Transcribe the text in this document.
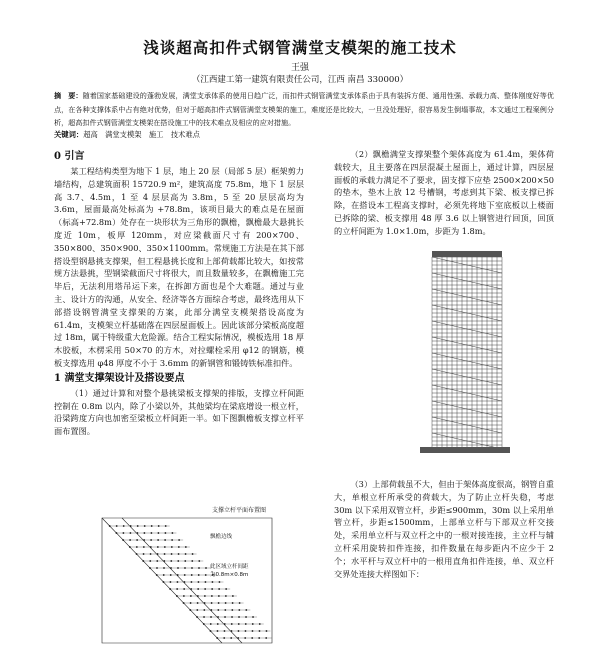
浅谈超高扣件式钢管满堂支模架的施工技术
王强
（江西建工第一建筑有限责任公司，江西 南昌 330000）
摘　要：随着国家基础建设的蓬勃发展，满堂支承体系的使用日趋广泛，而扣件式钢管满堂支承体系由于具有装拆方便、通用性强、承载力高、整体刚度好等优点，在各种支撑体系中占有绝对优势，但对于超高扣件式钢管满堂支模架的施工，难度还是比较大，一旦没处理好，很容易发生倒塌事故，本文通过工程案例分析，超高扣件式钢管满堂支模架在搭设施工中的技术难点及相应的应对措施。
关键词：超高　满堂支模架　施工　技术难点
0 引言

某工程结构类型为地下 1 层，地上 20 层（局部 5 层）框架剪力墙结构，总建筑面积 15720.9 m²，建筑高度 75.8m，地下 1 层层高 3.7、4.5m，1 至 4 层层高为 3.8m，5 至 20 层层高均为 3.6m，屋面最高处标高为 +78.8m，该项目最大的难点是在屋面（标高+72.8m）处存在一块形状为三角形的飘檐，飘檐最大悬挑长度近 10m，板厚 120mm，对应梁截面尺寸有 200×700、350×800、350×900、350×1100mm。常规施工方法是在其下部搭设型钢悬挑支撑架，但工程悬挑长度和上部荷载都比较大，如按常规方法悬挑，型钢梁截面尺寸将很大，而且数量较多，在飘檐施工完毕后，无法利用塔吊运下来，在拆卸方面也是个大难题。通过与业主、设计方的沟通，从安全、经济等各方面综合考虑，最终选用从下部搭设钢管满堂支撑架的方案，此部分满堂支模架搭设高度为 61.4m，支模架立杆基础落在四层屋面板上。因此该部分梁板高度超过 18m，属于特级重大危险源。结合工程实际情况，模板选用 18 厚木胶板，木楞采用 50×70 的方木，对拉螺栓采用 φ12 的钢筋，模板支撑选用 φ48 厚度不小于 3.6mm 的新钢管和锻铸铁标准扣件。

1 满堂支撑架设计及搭设要点

（1）通过计算和对整个悬挑梁板支撑架的排版，支撑立杆间距控制在 0.8m 以内，除了小梁以外，其他梁均在梁底增设一根立杆，沿梁跨度方向也加密至梁板立杆间距一半。如下图飘檐板支撑立杆平面布置图。

支撑立杆平面布置图
飘檐边线
此区域立杆间距
为0.8m×0.8m

（2）飘檐满堂支撑架整个架体高度为 61.4m，架体荷载较大，且主要落在四层混凝土屋面上，通过计算，四层屋面板的承载力满足不了要求，固支撑下应垫 2500×200×50 的垫木，垫木上放 12 号槽钢，考虑到其下梁、板支撑已拆除，在搭设本工程高支撑时，必须先将地下室底板以上楼面已拆除的梁、板支撑用 48 厚 3.6 以上钢管进行回顶，回顶的立杆间距为 1.0×1.0m，步距为 1.8m。

（3）上部荷载虽不大，但由于架体高度很高，钢管自重大，单根立杆所承受的荷载大，为了防止立杆失稳，考虑 30m 以下采用双管立杆，步距≤900mm，30m 以上采用单管立杆，步距≤1500mm，上部单立杆与下部双立杆交接处，采用单立杆与双立杆之中的一根对接连接，主立杆与辅立杆采用旋转扣件连接，扣件数量在每步距内不应少于 2 个；水平杆与双立杆中的一根用直角扣件连接，单、双立杆交界处连接大样图如下：
